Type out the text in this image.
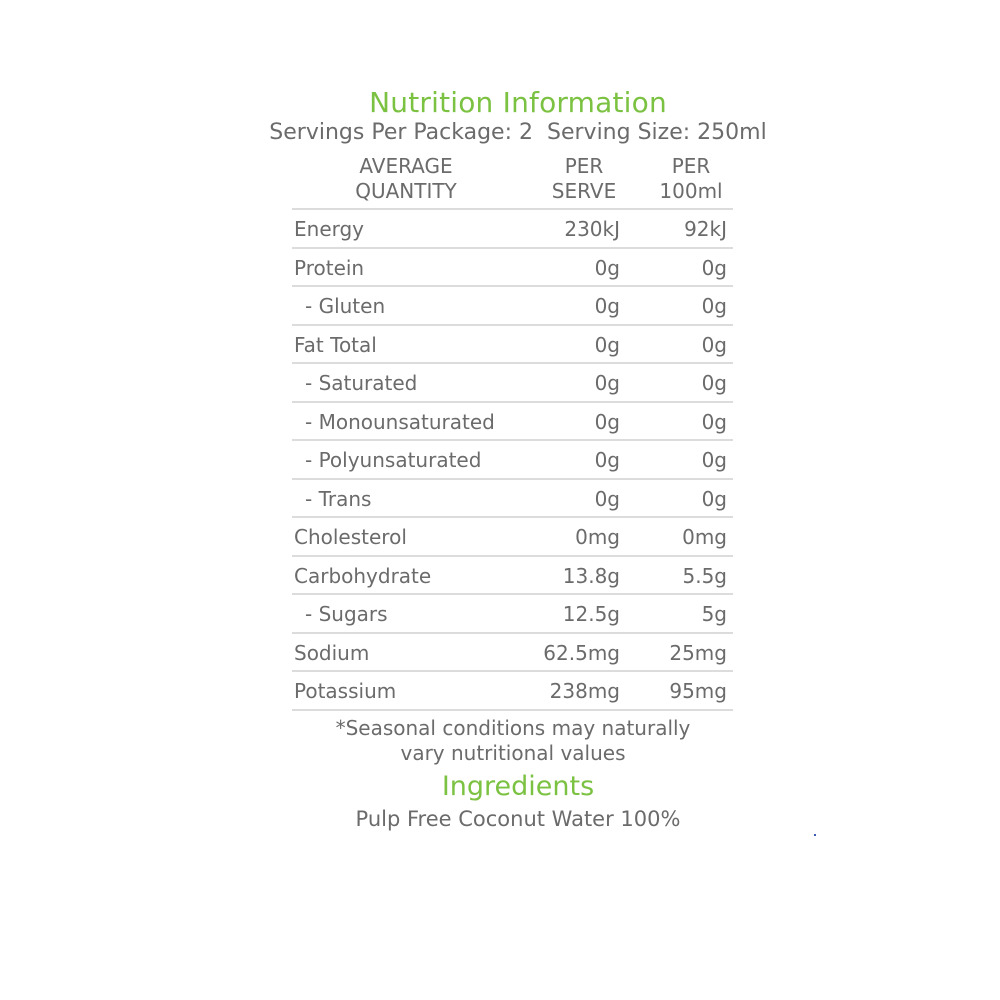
Nutrition Information
Servings Per Package: 2 Serving Size: 250ml
AVERAGE
QUANTITY
PER
SERVE
PER
100ml
Energy	230kJ	92kJ
Protein	0g	0g
- Gluten	0g	0g
Fat Total	0g	0g
- Saturated	0g	0g
- Monounsaturated	0g	0g
- Polyunsaturated	0g	0g
- Trans	0g	0g
Cholesterol	0mg	0mg
Carbohydrate	13.8g	5.5g
- Sugars	12.5g	5g
Sodium	62.5mg 25mg
Potassium	238mg 95mg
*Seasonal conditions may naturally
vary nutritional values
Ingredients
Pulp Free Coconut Water 100%
